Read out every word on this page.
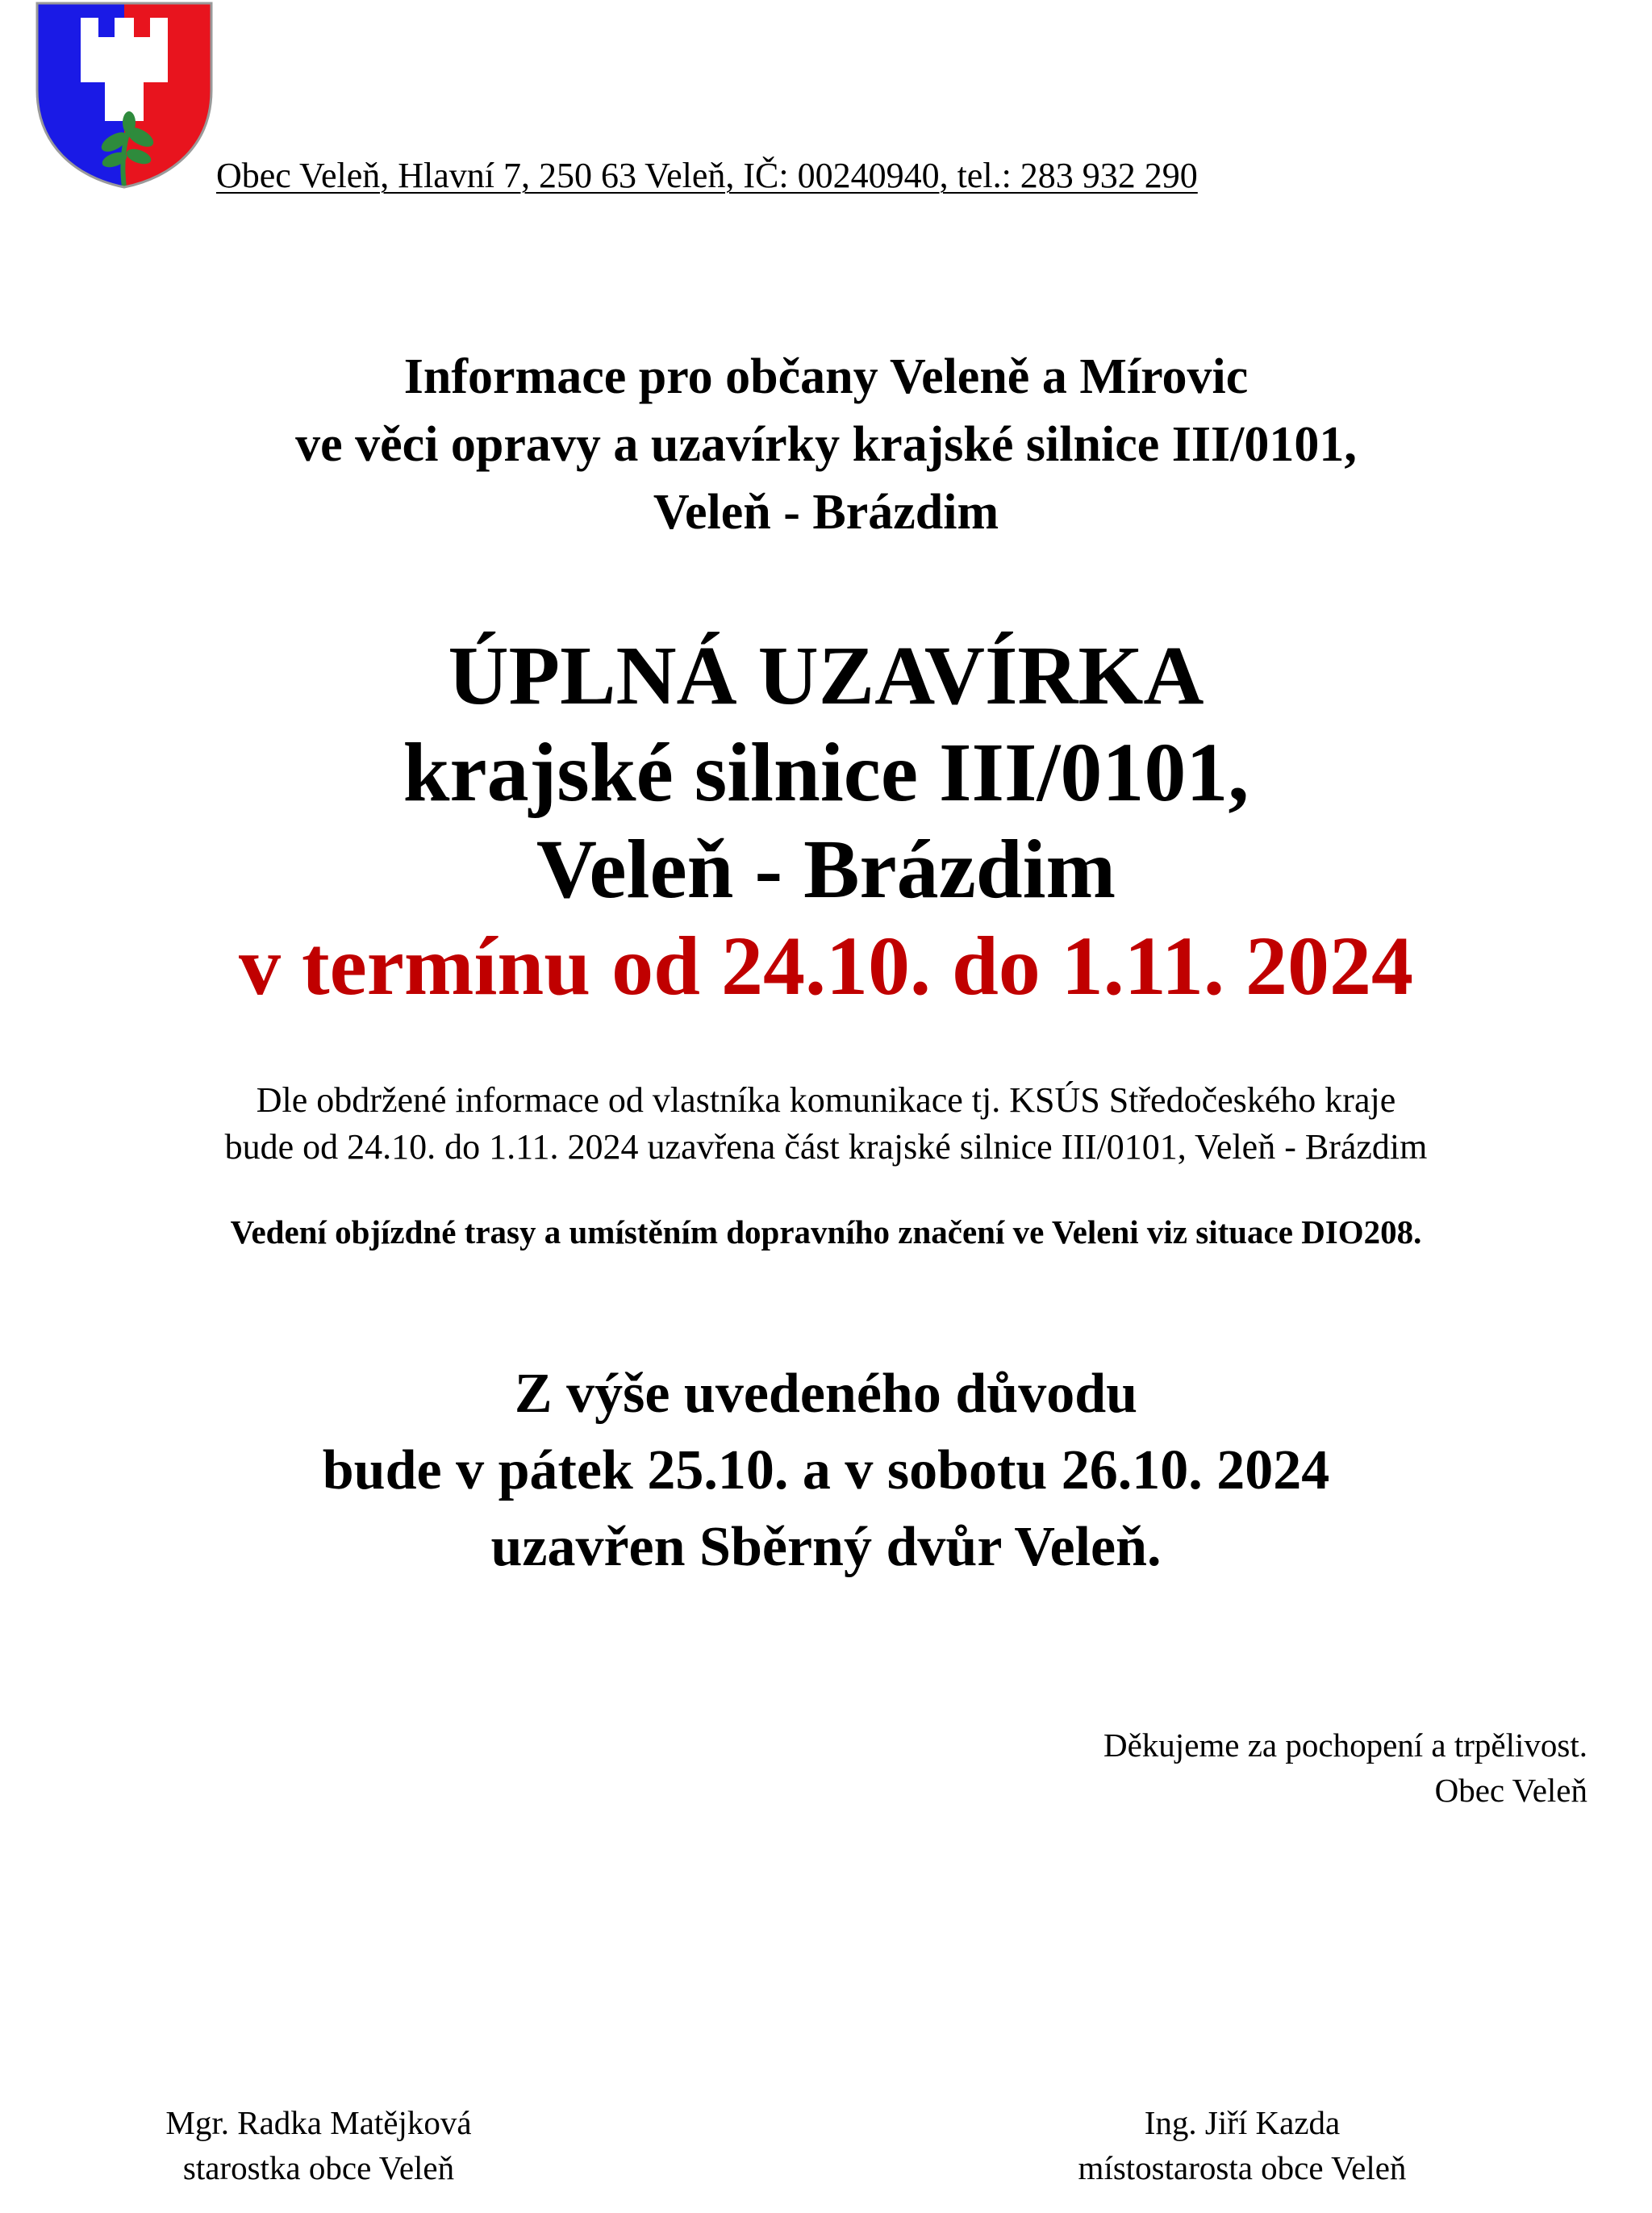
Obec Veleň, Hlavní 7, 250 63 Veleň, IČ: 00240940, tel.: 283 932 290
Informace pro občany Veleně a Mírovic
ve věci opravy a uzavírky krajské silnice III/0101,
Veleň - Brázdim
ÚPLNÁ UZAVÍRKA
krajské silnice III/0101,
Veleň - Brázdim
v termínu od 24.10. do 1.11. 2024
Dle obdržené informace od vlastníka komunikace tj. KSÚS Středočeského kraje
bude od 24.10. do 1.11. 2024 uzavřena část krajské silnice III/0101, Veleň - Brázdim
Vedení objízdné trasy a umístěním dopravního značení ve Veleni viz situace DIO208.
Z výše uvedeného důvodu
bude v pátek 25.10. a v sobotu 26.10. 2024
uzavřen Sběrný dvůr Veleň.
Děkujeme za pochopení a trpělivost.
Obec Veleň
Mgr. Radka Matějková
starostka obce Veleň
Ing. Jiří Kazda
místostarosta obce Veleň
